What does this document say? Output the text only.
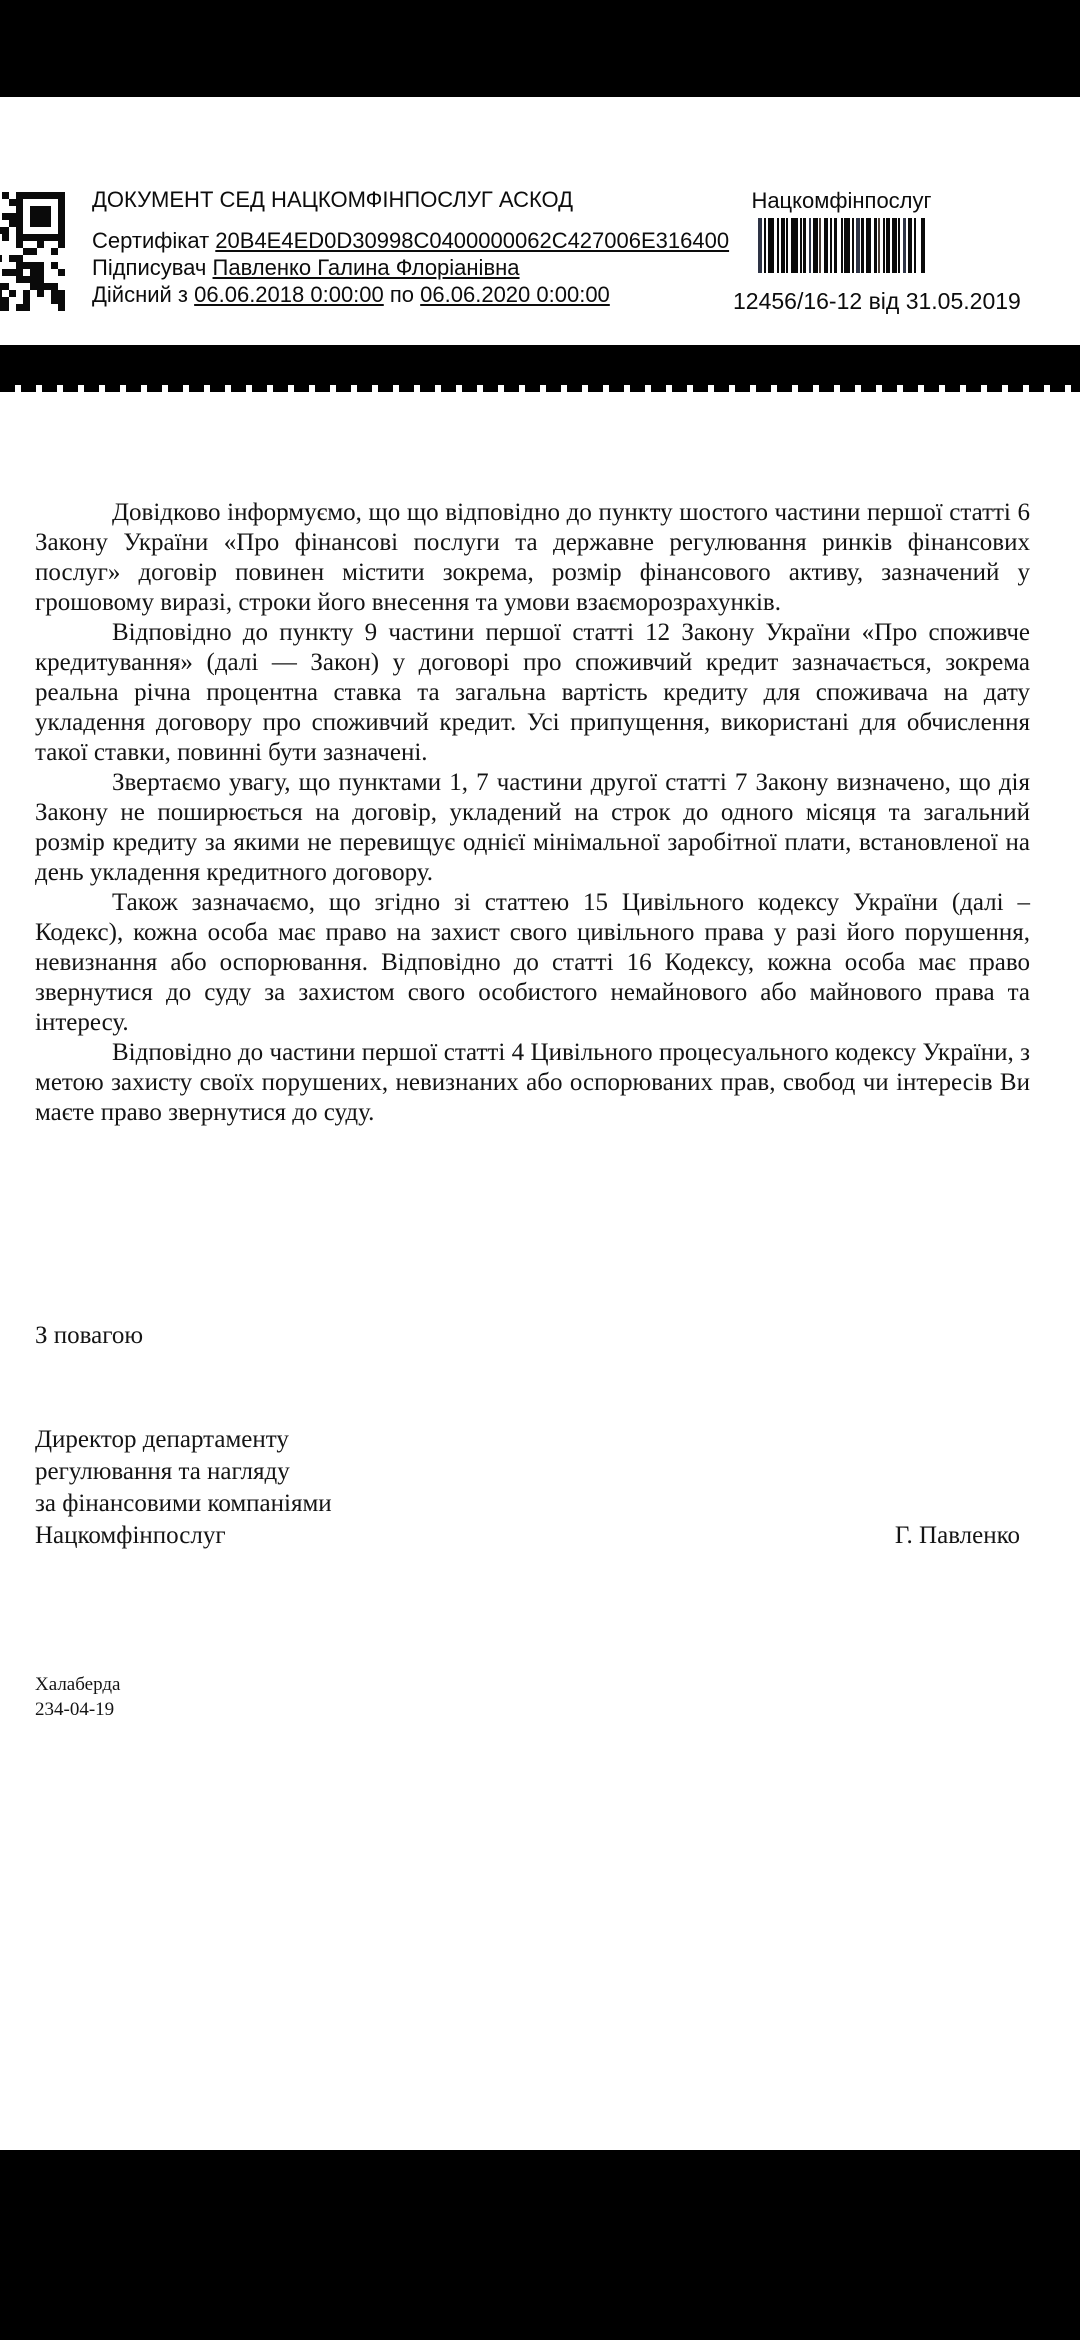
ДОКУМЕНТ СЕД НАЦКОМФІНПОСЛУГ АСКОД
Сертифікат 20B4E4ED0D30998C0400000062C427006E316400
Підписувач Павленко Галина Флоріанівна
Дійсний з 06.06.2018 0:00:00 по 06.06.2020 0:00:00
Нацкомфінпослуг
12456/16-12 від 31.05.2019

Довідково інформуємо, що що відповідно до пункту шостого частини першої статті 6 Закону України «Про фінансові послуги та державне регулювання ринків фінансових послуг» договір повинен містити зокрема, розмір фінансового активу, зазначений у грошовому виразі, строки його внесення та умови взаєморозрахунків.

Відповідно до пункту 9 частини першої статті 12 Закону України «Про споживче кредитування» (далі — Закон) у договорі про споживчий кредит зазначається, зокрема реальна річна процентна ставка та загальна вартість кредиту для споживача на дату укладення договору про споживчий кредит. Усі припущення, використані для обчислення такої ставки, повинні бути зазначені.

Звертаємо увагу, що пунктами 1, 7 частини другої статті 7 Закону визначено, що дія Закону не поширюється на договір, укладений на строк до одного місяця та загальний розмір кредиту за якими не перевищує однієї мінімальної заробітної плати, встановленої на день укладення кредитного договору.

Також зазначаємо, що згідно зі статтею 15 Цивільного кодексу України (далі – Кодекс), кожна особа має право на захист свого цивільного права у разі його порушення, невизнання або оспорювання. Відповідно до статті 16 Кодексу, кожна особа має право звернутися до суду за захистом свого особистого немайнового або майнового права та інтересу.

Відповідно до частини першої статті 4 Цивільного процесуального кодексу України, з метою захисту своїх порушених, невизнаних або оспорюваних прав, свобод чи інтересів Ви маєте право звернутися до суду.

З повагою
Директор департаменту
регулювання та нагляду
за фінансовими компаніями
Нацкомфінпослуг	Г. Павленко
Халаберда
234-04-19
